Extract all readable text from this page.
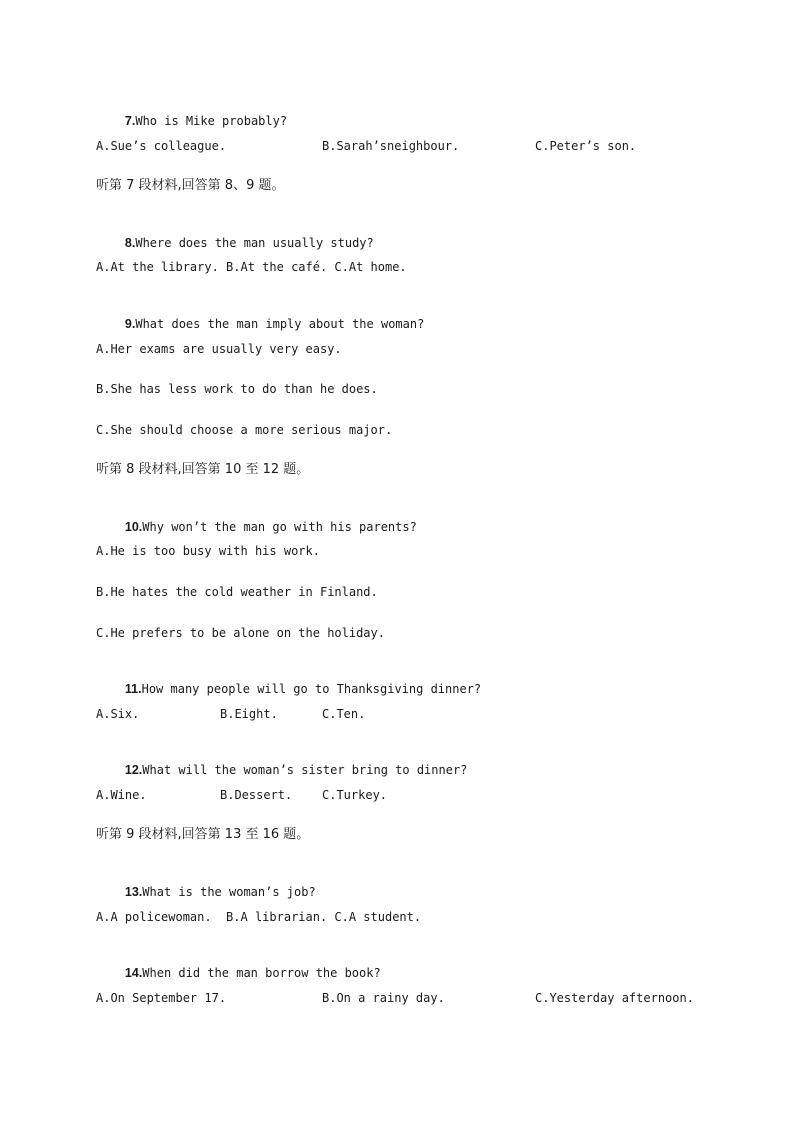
7.Who is Mike probably?

A.Sue’s colleague.	B.Sarah’sneighbour.	C.Peter’s son.
听第 7 段材料,回答第 8、9 题。

8.Where does the man usually study?

A.At the library. B.At the café. C.At home.

9.What does the man imply about the woman?

A.Her exams are usually very easy.
B.She has less work to do than he does.
C.She should choose a more serious major.
听第 8 段材料,回答第 10 至 12 题。

10.Why won’t the man go with his parents?

A.He is too busy with his work.
B.He hates the cold weather in Finland.
C.He prefers to be alone on the holiday.

11.How many people will go to Thanksgiving dinner?

A.Six.	B.Eight.	C.Ten.

12.What will the woman’s sister bring to dinner?

A.Wine.	B.Dessert. C.Turkey.
听第 9 段材料,回答第 13 至 16 题。

13.What is the woman’s job?

A.A policewoman.  B.A librarian. C.A student.

14.When did the man borrow the book?

A.On September 17.	B.On a rainy day.	C.Yesterday afternoon.
